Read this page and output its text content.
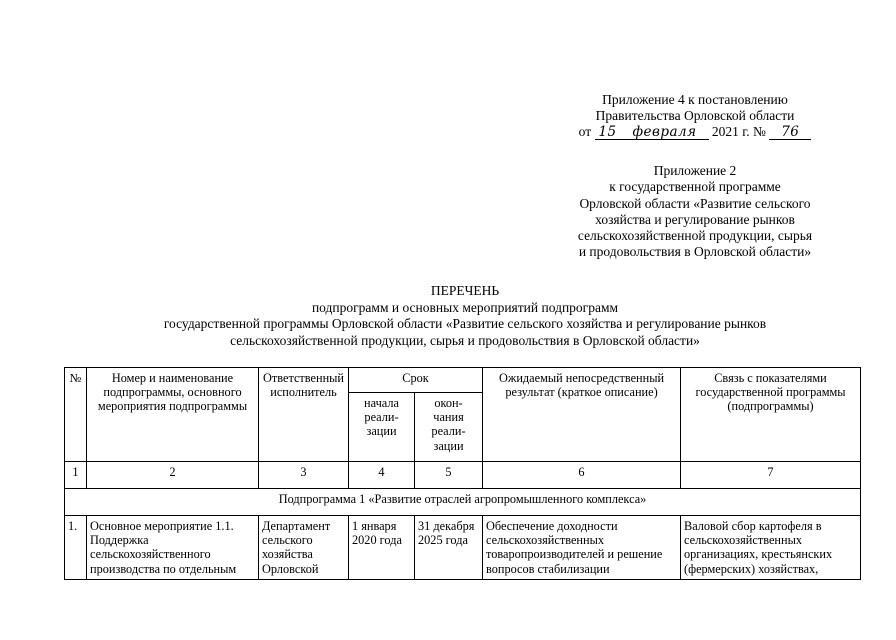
Приложение 4 к постановлению
Правительства Орловской области
от 15 февраля 2021 г. № 76
Приложение 2
к государственной программе
Орловской области «Развитие сельского
хозяйства и регулирование рынков
сельскохозяйственной продукции, сырья
и продовольствия в Орловской области»
ПЕРЕЧЕНЬ
подпрограмм и основных мероприятий подпрограмм
государственной программы Орловской области «Развитие сельского хозяйства и регулирование рынков
сельскохозяйственной продукции, сырья и продовольствия в Орловской области»
№	Номер и наименование подпрограммы, основного мероприятия подпрограммы	Ответственный исполнитель	Срок		Ожидаемый непосредственный результат (краткое описание)	Связь с показателями государственной программы (подпрограммы)
			начала реали-зации	окон-чания реали-зации		
1	2	3	4	5	6	7
Подпрограмма 1 «Развитие отраслей агропромышленного комплекса»						
1.	Основное мероприятие 1.1. Поддержка сельскохозяйственного производства по отдельным	Департамент сельского хозяйства Орловской	1 января 2020 года	31 декабря 2025 года	Обеспечение доходности сельскохозяйственных товаропроизводителей и решение вопросов стабилизации	Валовой сбор картофеля в сельскохозяйственных организациях, крестьянских (фермерских) хозяйствах,
